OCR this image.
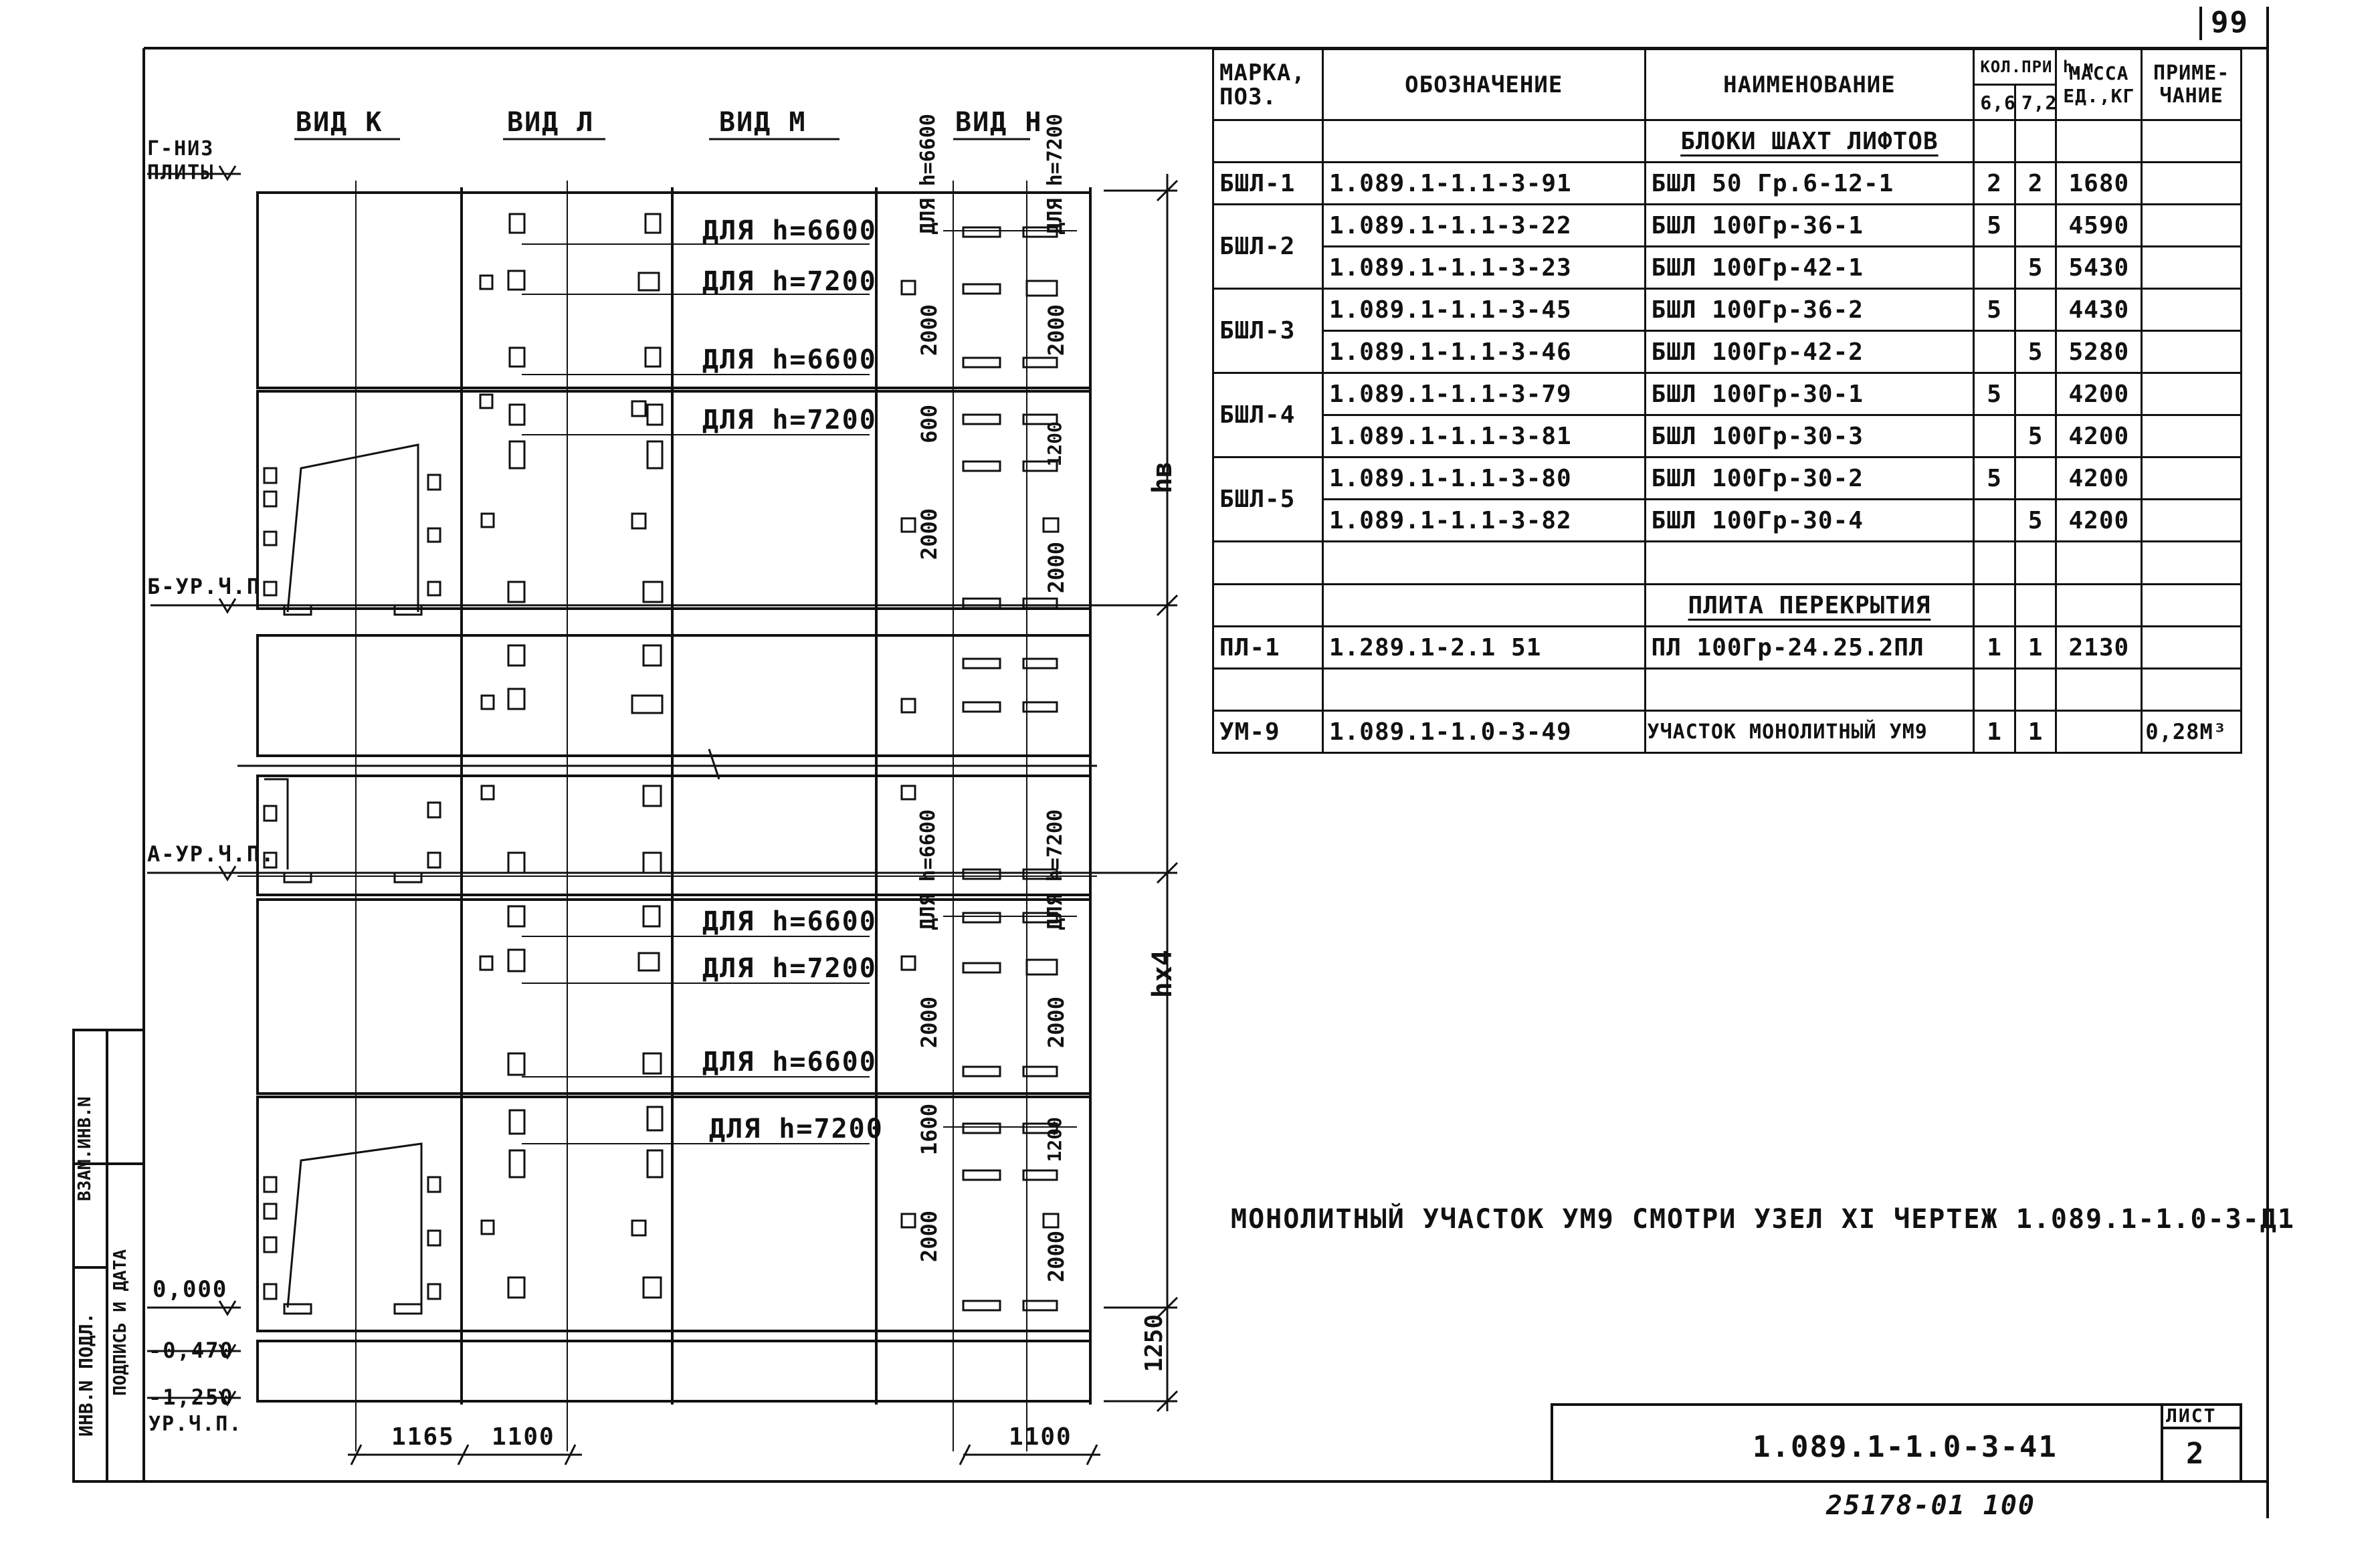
99
ВИД К	ВИД Л	ВИД М	ВИД Н
Г-НИЗ ПЛИТЫ
Б-УР.Ч.П
А-УР.Ч.П.
0,000
-0,470
-1,250
УР.Ч.П.
ДЛЯ h=6600
ДЛЯ h=7200
ДЛЯ h=6600
ДЛЯ h=7200
ДЛЯ h=6600
ДЛЯ h=7200
ДЛЯ h=6600
ДЛЯ h=7200
ДЛЯ h=6600	ДЛЯ h=7200
ДЛЯ h=6600	ДЛЯ h=7200
2000	2000
600	1200
2000
2000
2000	2000
1600	1200
2000	2000
hв
hx4
1250
1165 1100	1100
МАРКА, ПОЗ.	ОБОЗНАЧЕНИЕ	НАИМЕНОВАНИЕ	КОЛ.ПРИ h,м		МАССА ЕД.,КГ	ПРИМЕ- ЧАНИЕ
			6,6	7,2		
		БЛОКИ ШАХТ ЛИФТОВ				
БШЛ-1	1.089.1-1.1-3-91	БШЛ 50 Гр.6-12-1	2	2	1680	
БШЛ-2	1.089.1-1.1-3-22	БШЛ 100Гр-36-1	5		4590	
	1.089.1-1.1-3-23	БШЛ 100Гр-42-1		5	5430	
БШЛ-3	1.089.1-1.1-3-45	БШЛ 100Гр-36-2	5		4430	
	1.089.1-1.1-3-46	БШЛ 100Гр-42-2		5	5280	
БШЛ-4	1.089.1-1.1-3-79	БШЛ 100Гр-30-1	5		4200	
	1.089.1-1.1-3-81	БШЛ 100Гр-30-3		5	4200	
БШЛ-5	1.089.1-1.1-3-80	БШЛ 100Гр-30-2	5		4200	
	1.089.1-1.1-3-82	БШЛ 100Гр-30-4		5	4200	

		ПЛИТА ПЕРЕКРЫТИЯ				
ПЛ-1	1.289.1-2.1 51	ПЛ 100Гр-24.25.2ПЛ	1	1	2130	

УМ-9	1.089.1-1.0-3-49	УЧАСТОК МОНОЛИТНЫЙ УМ9	1	1		0,28М³
МОНОЛИТНЫЙ УЧАСТОК УМ9 СМОТРИ УЗЕЛ XI ЧЕРТЕЖ 1.089.1-1.0-3-Д1
1.089.1-1.0-3-41
ЛИСТ
2
25178-01 100
ИНВ.N ПОДЛ. ПОДПИСЬ И ДАТА
ВЗАМ.ИНВ.N
